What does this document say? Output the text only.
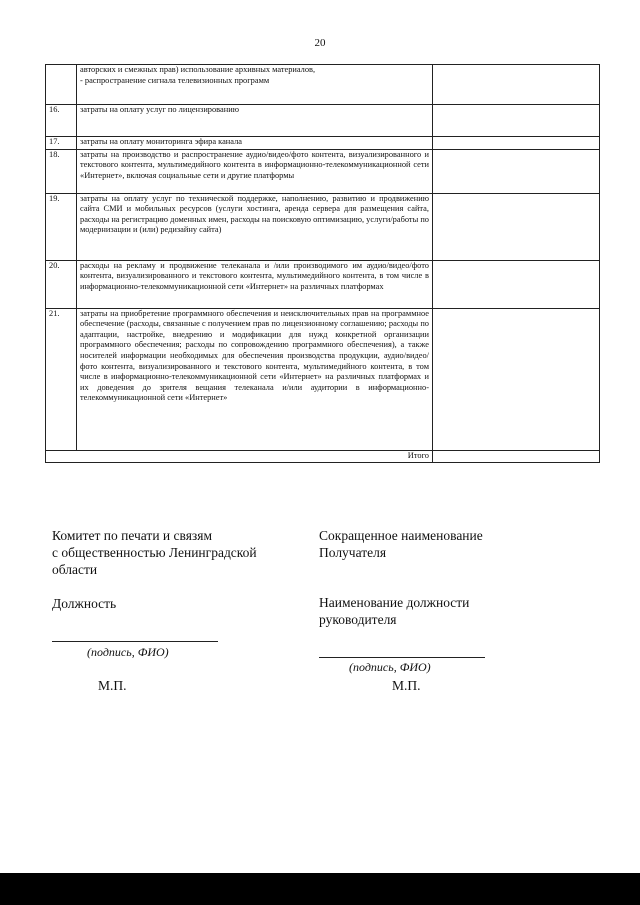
20

	авторских и смежных прав) использование архивных материалов,
- распространение сигнала телевизионных программ	

16.	затраты на оплату услуг по лицензированию	
17.	затраты на оплату мониторинга эфира канала	
18.	затраты на производство и распространение аудио/видео/фото контента, визуализированного и текстового контента, мультимедийного контента в информационно-телекоммуникационной сети «Интернет», включая социальные сети и другие платформы	
19.	затраты на оплату услуг по технической поддержке, наполнению, развитию и продвижению сайта СМИ и мобильных ресурсов (услуги хостинга, аренда сервера для размещения сайта, расходы на регистрацию доменных имен, расходы на поисковую оптимизацию, услуги/работы по модернизации и (или) редизайну сайта)	
20.	расходы на рекламу и продвижение телеканала и /или производимого им аудио/видео/фото контента, визуализированного и текстового контента, мультимедийного контента, в том числе в информационно-телекоммуникационной сети «Интернет» на различных платформах	
21.	затраты на приобретение программного обеспечения и неисключительных прав на программное обеспечение (расходы, связанные с получением прав по лицензионному соглашению; расходы по адаптации, настройке, внедрению и модификации для нужд конкретной организации программного обеспечения; расходы по сопровождению программного обеспечения), а также носителей информации необходимых для обеспечения производства продукции, аудио/видео/фото контента, визуализированного и текстового контента, мультимедийного контента, в том числе в информационно-телекоммуникационной сети «Интернет» на различных платформах и их доведения до зрителя вещания телеканала и/или аудитории в информационно-телекоммуникационной сети «Интернет»	
Итого		
Комитет по печати и связям
с общественностью Ленинградской
области
Должность
(подпись, ФИО)
М.П.
Сокращенное наименование
Получателя
Наименование должности
руководителя
(подпись, ФИО)
М.П.
